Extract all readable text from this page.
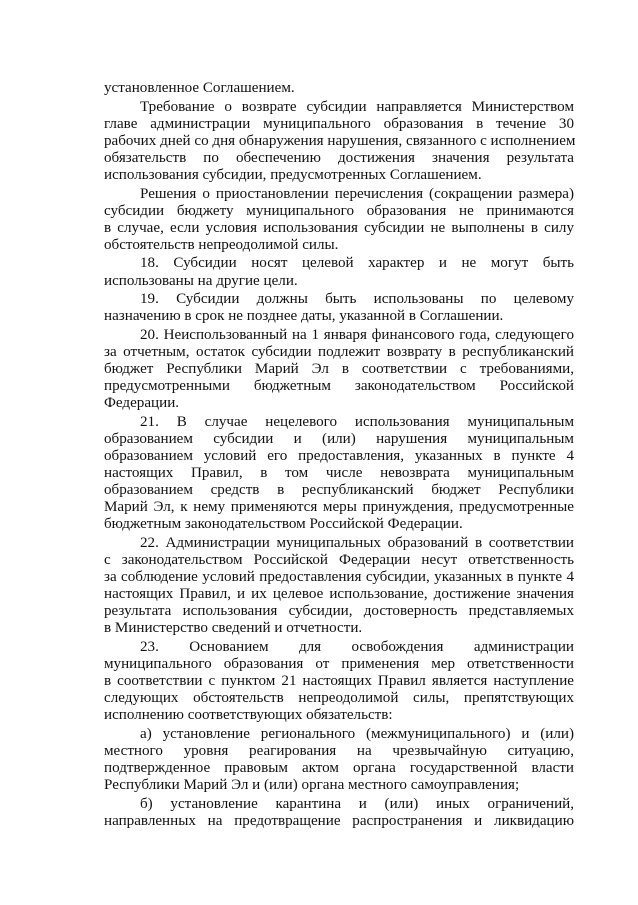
установленное Соглашением.
Требование о возврате субсидии направляется Министерством
главе администрации муниципального образования в течение 30
рабочих дней со дня обнаружения нарушения, связанного с исполнением
обязательств по обеспечению достижения значения результата
использования субсидии, предусмотренных Соглашением.
Решения о приостановлении перечисления (сокращении размера)
субсидии бюджету муниципального образования не принимаются
в случае, если условия использования субсидии не выполнены в силу
обстоятельств непреодолимой силы.
18. Субсидии носят целевой характер и не могут быть
использованы на другие цели.
19. Субсидии должны быть использованы по целевому
назначению в срок не позднее даты, указанной в Соглашении.
20. Неиспользованный на 1 января финансового года, следующего
за отчетным, остаток субсидии подлежит возврату в республиканский
бюджет Республики Марий Эл в соответствии с требованиями,
предусмотренными бюджетным законодательством Российской
Федерации.
21. В случае нецелевого использования муниципальным
образованием субсидии и (или) нарушения муниципальным
образованием условий его предоставления, указанных в пункте 4
настоящих Правил, в том числе невозврата муниципальным
образованием средств в республиканский бюджет Республики
Марий Эл, к нему применяются меры принуждения, предусмотренные
бюджетным законодательством Российской Федерации.
22. Администрации муниципальных образований в соответствии
с законодательством Российской Федерации несут ответственность
за соблюдение условий предоставления субсидии, указанных в пункте 4
настоящих Правил, и их целевое использование, достижение значения
результата использования субсидии, достоверность представляемых
в Министерство сведений и отчетности.
23. Основанием для освобождения администрации
муниципального образования от применения мер ответственности
в соответствии с пунктом 21 настоящих Правил является наступление
следующих обстоятельств непреодолимой силы, препятствующих
исполнению соответствующих обязательств:
а) установление регионального (межмуниципального) и (или)
местного уровня реагирования на чрезвычайную ситуацию,
подтвержденное правовым актом органа государственной власти
Республики Марий Эл и (или) органа местного самоуправления;
б) установление карантина и (или) иных ограничений,
направленных на предотвращение распространения и ликвидацию
